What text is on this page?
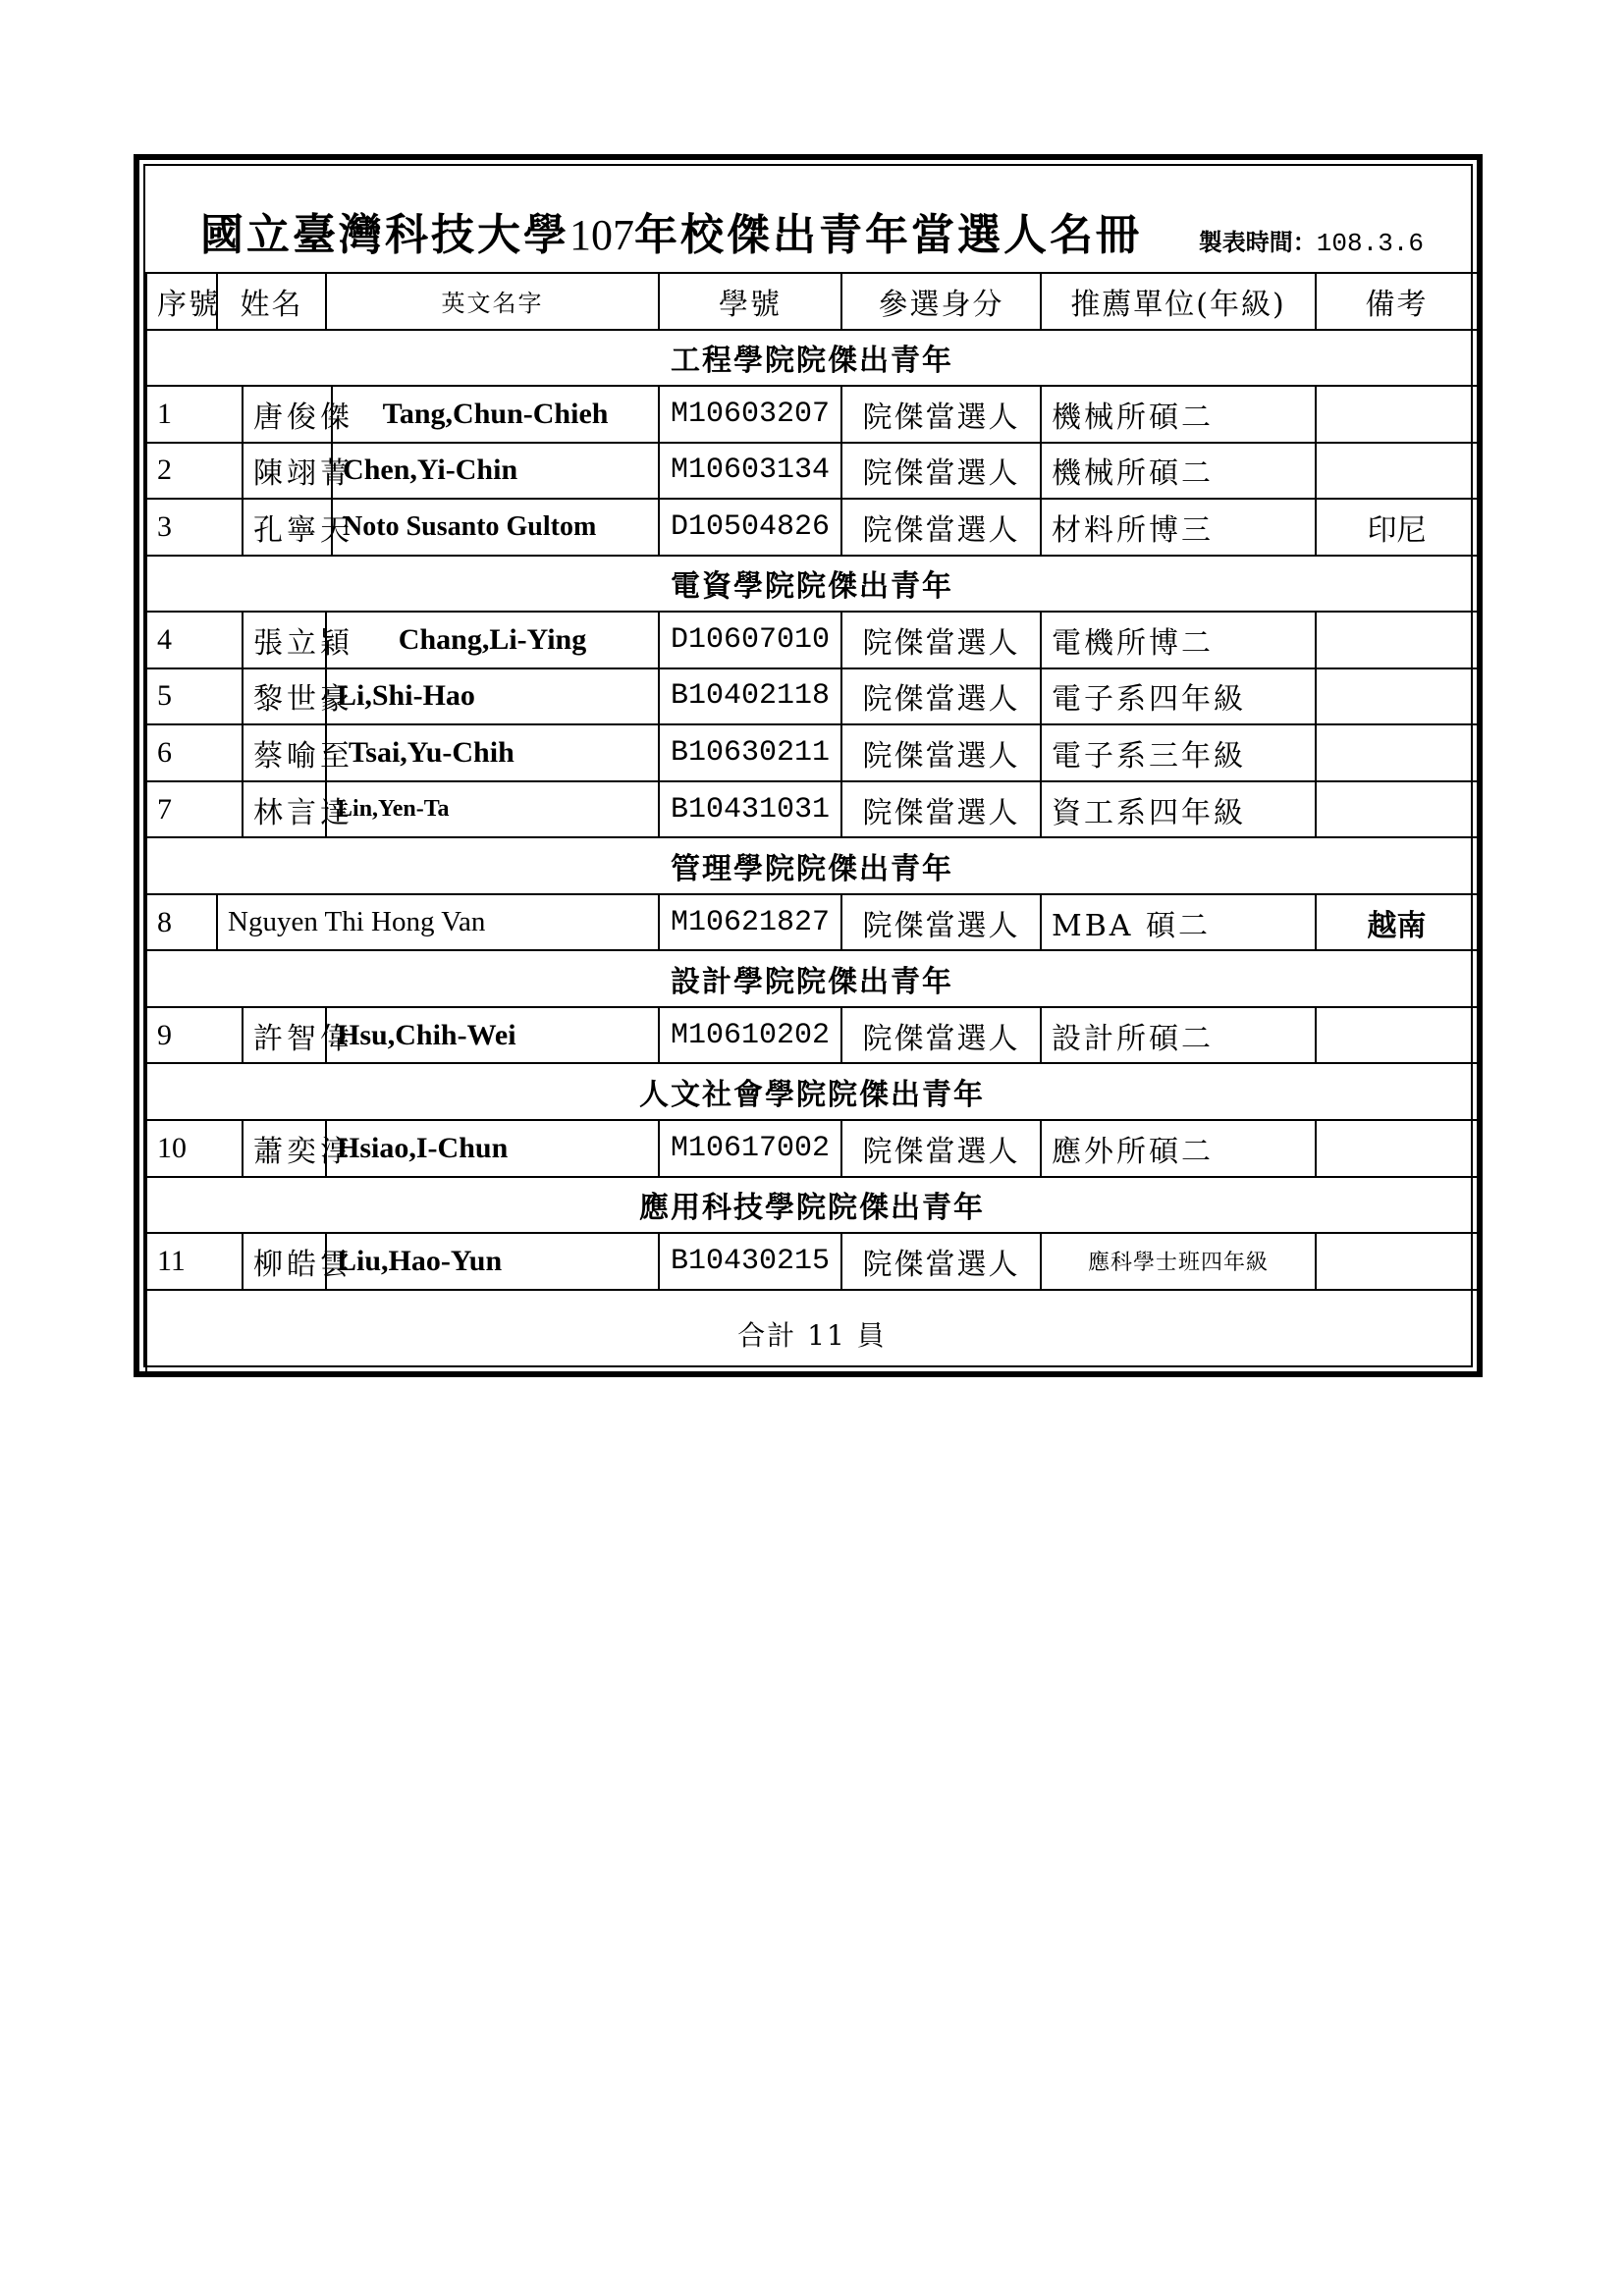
國立臺灣科技大學107年校傑出青年當選人名冊 製表時間：108.3.6
序號	姓名		英文名字		學號	參選身分	推薦單位(年級)	備考
工程學院院傑出青年								
1		唐俊傑		Tang,Chun-Chieh	M10603207	院傑當選人	機械所碩二	
2		陳翊菁		Chen,Yi-Chin	M10603134	院傑當選人	機械所碩二	
3		孔寧天		Noto Susanto Gultom	D10504826	院傑當選人	材料所博三	印尼
電資學院院傑出青年								
4		張立穎	Chang,Li-Ying		D10607010	院傑當選人	電機所博二	
5		黎世豪	Li,Shi-Hao		B10402118	院傑當選人	電子系四年級	
6		蔡喻至	Tsai,Yu-Chih		B10630211	院傑當選人	電子系三年級	
7		林言達	Lin,Yen-Ta		B10431031	院傑當選人	資工系四年級	
管理學院院傑出青年								
8	Nguyen Thi Hong Van				M10621827	院傑當選人	MBA 碩二	越南
設計學院院傑出青年								
9		許智偉	Hsu,Chih-Wei		M10610202	院傑當選人	設計所碩二	
人文社會學院院傑出青年								
10		蕭奕淳	Hsiao,I-Chun		M10617002	院傑當選人	應外所碩二	
應用科技學院院傑出青年								
11		柳皓雲	Liu,Hao-Yun		B10430215	院傑當選人	應科學士班四年級	
合計 11 員								
